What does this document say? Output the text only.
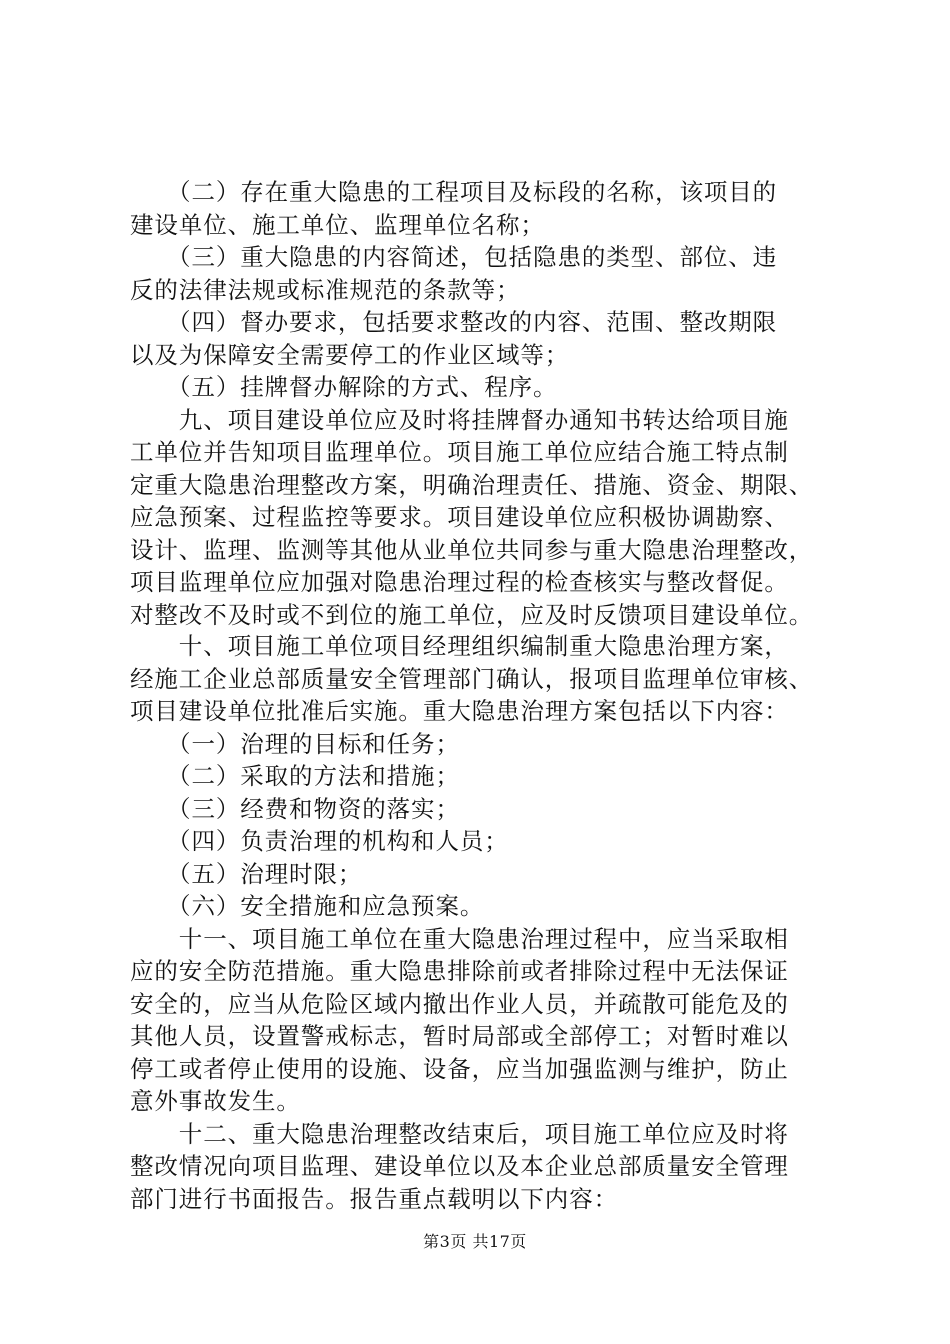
　　（二）存在重大隐患的工程项目及标段的名称，该项目的
建设单位、施工单位、监理单位名称；
　　（三）重大隐患的内容简述，包括隐患的类型、部位、违
反的法律法规或标准规范的条款等；
　　（四）督办要求，包括要求整改的内容、范围、整改期限
以及为保障安全需要停工的作业区域等；
　　（五）挂牌督办解除的方式、程序。
　　九、项目建设单位应及时将挂牌督办通知书转达给项目施
工单位并告知项目监理单位。项目施工单位应结合施工特点制
定重大隐患治理整改方案，明确治理责任、措施、资金、期限、
应急预案、过程监控等要求。项目建设单位应积极协调勘察、
设计、监理、监测等其他从业单位共同参与重大隐患治理整改，
项目监理单位应加强对隐患治理过程的检查核实与整改督促。
对整改不及时或不到位的施工单位，应及时反馈项目建设单位。
　　十、项目施工单位项目经理组织编制重大隐患治理方案，
经施工企业总部质量安全管理部门确认，报项目监理单位审核、
项目建设单位批准后实施。重大隐患治理方案包括以下内容：
　　（一）治理的目标和任务；
　　（二）采取的方法和措施；
　　（三）经费和物资的落实；
　　（四）负责治理的机构和人员；
　　（五）治理时限；
　　（六）安全措施和应急预案。
　　十一、项目施工单位在重大隐患治理过程中，应当采取相
应的安全防范措施。重大隐患排除前或者排除过程中无法保证
安全的，应当从危险区域内撤出作业人员，并疏散可能危及的
其他人员，设置警戒标志，暂时局部或全部停工；对暂时难以
停工或者停止使用的设施、设备，应当加强监测与维护，防止
意外事故发生。
　　十二、重大隐患治理整改结束后，项目施工单位应及时将
整改情况向项目监理、建设单位以及本企业总部质量安全管理
部门进行书面报告。报告重点载明以下内容：
第3页 共17页
